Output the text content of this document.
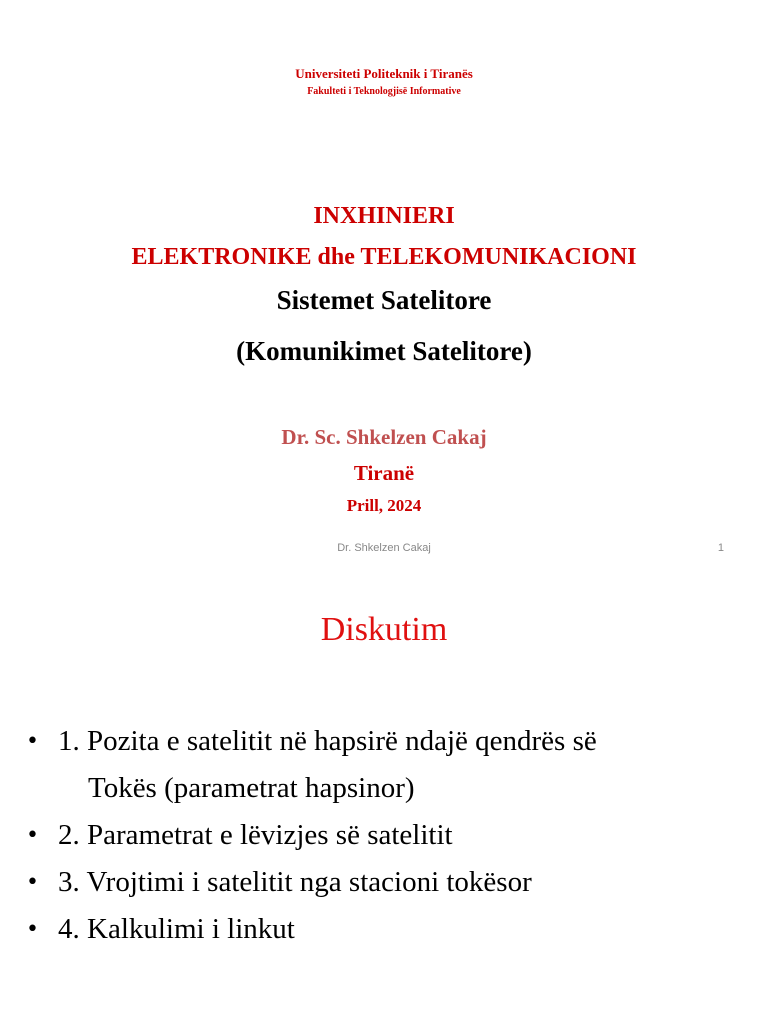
Universiteti Politeknik i Tiranës
Fakulteti i Teknologjisë Informative
INXHINIERI
ELEKTRONIKE dhe TELEKOMUNIKACIONI
Sistemet Satelitore
(Komunikimet Satelitore)
Dr. Sc. Shkelzen Cakaj
Tiranë
Prill, 2024
Dr. Shkelzen Cakaj	1
Diskutim
• 1. Pozita e satelitit në hapsirë ndajë qendrës së
Tokës (parametrat hapsinor)
• 2. Parametrat e lëvizjes së satelitit
• 3. Vrojtimi i satelitit nga stacioni tokësor
• 4. Kalkulimi i linkut
